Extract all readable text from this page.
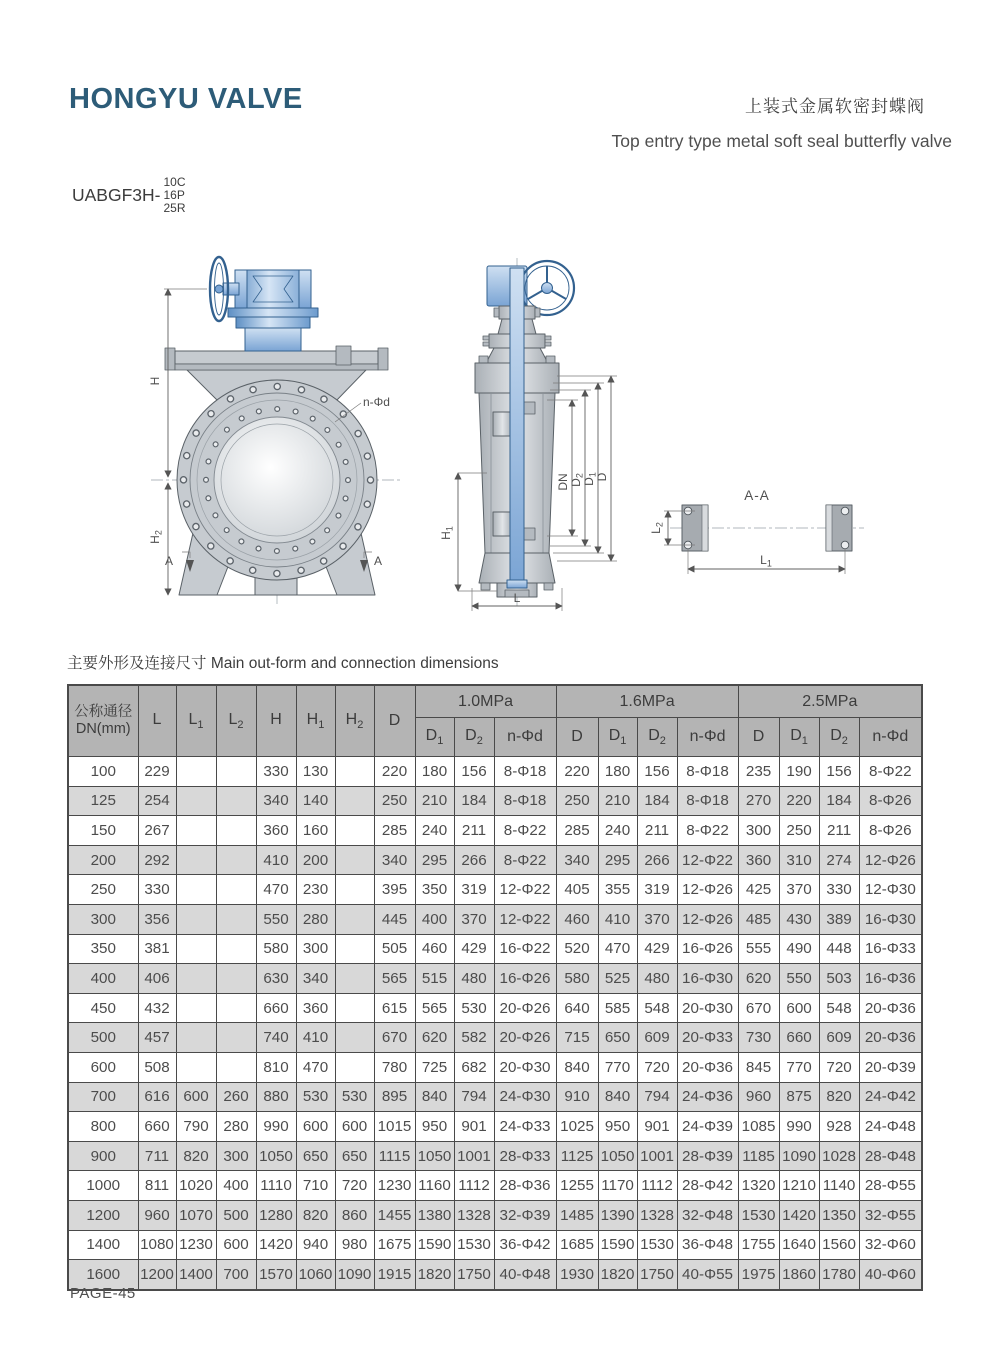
HONGYU VALVE	上装式金属软密封蝶阀
Top entry type metal soft seal butterfly valve
UABGF3H-
10C
16P
25R
H
$H_2$
n-Φd
A	A
$H_1$
L
DN $D_2$
$D_1$
D
A-A
$L_2$
$L_1$
主要外形及连接尺寸 Main out-form and connection dimensions
公称通径
DN(mm)	L	$L_1$	$L_2$	H	$H_1$	$H_2$	D	1.0MPa			1.6MPa				2.5MPa			
								$D_1$	$D_2$	n-Φd	D	$D_1$	$D_2$	n-Φd	D	$D_1$	$D_2$	n-Φd
100	229			330	130		220	180	156	8-Φ18	220	180	156	8-Φ18	235	190	156	8-Φ22
125	254			340	140		250	210	184	8-Φ18	250	210	184	8-Φ18	270	220	184	8-Φ26
150	267			360	160		285	240	211	8-Φ22	285	240	211	8-Φ22	300	250	211	8-Φ26
200	292			410	200		340	295	266	8-Φ22	340	295	266	12-Φ22	360	310	274	12-Φ26
250	330			470	230		395	350	319	12-Φ22	405	355	319	12-Φ26	425	370	330	12-Φ30
300	356			550	280		445	400	370	12-Φ22	460	410	370	12-Φ26	485	430	389	16-Φ30
350	381			580	300		505	460	429	16-Φ22	520	470	429	16-Φ26	555	490	448	16-Φ33
400	406			630	340		565	515	480	16-Φ26	580	525	480	16-Φ30	620	550	503	16-Φ36
450	432			660	360		615	565	530	20-Φ26	640	585	548	20-Φ30	670	600	548	20-Φ36
500	457			740	410		670	620	582	20-Φ26	715	650	609	20-Φ33	730	660	609	20-Φ36
600	508			810	470		780	725	682	20-Φ30	840	770	720	20-Φ36	845	770	720	20-Φ39
700	616	600	260	880	530	530	895	840	794	24-Φ30	910	840	794	24-Φ36	960	875	820	24-Φ42
800	660	790	280	990	600	600	1015	950	901	24-Φ33	1025	950	901	24-Φ39	1085	990	928	24-Φ48
900	711	820	300	1050	650	650	1115	1050	1001	28-Φ33	1125	1050	1001	28-Φ39	1185	1090	1028	28-Φ48
1000	811	1020	400	1110	710	720	1230	1160	1112	28-Φ36	1255	1170	1112	28-Φ42	1320	1210	1140	28-Φ55
1200	960	1070	500	1280	820	860	1455	1380	1328	32-Φ39	1485	1390	1328	32-Φ48	1530	1420	1350	32-Φ55
1400	1080	1230	600	1420	940	980	1675	1590	1530	36-Φ42	1685	1590	1530	36-Φ48	1755	1640	1560	32-Φ60
1600	1200	1400	700	1570	1060	1090	1915	1820	1750	40-Φ48	1930	1820	1750	40-Φ55	1975	1860	1780	40-Φ60
PAGE-45
